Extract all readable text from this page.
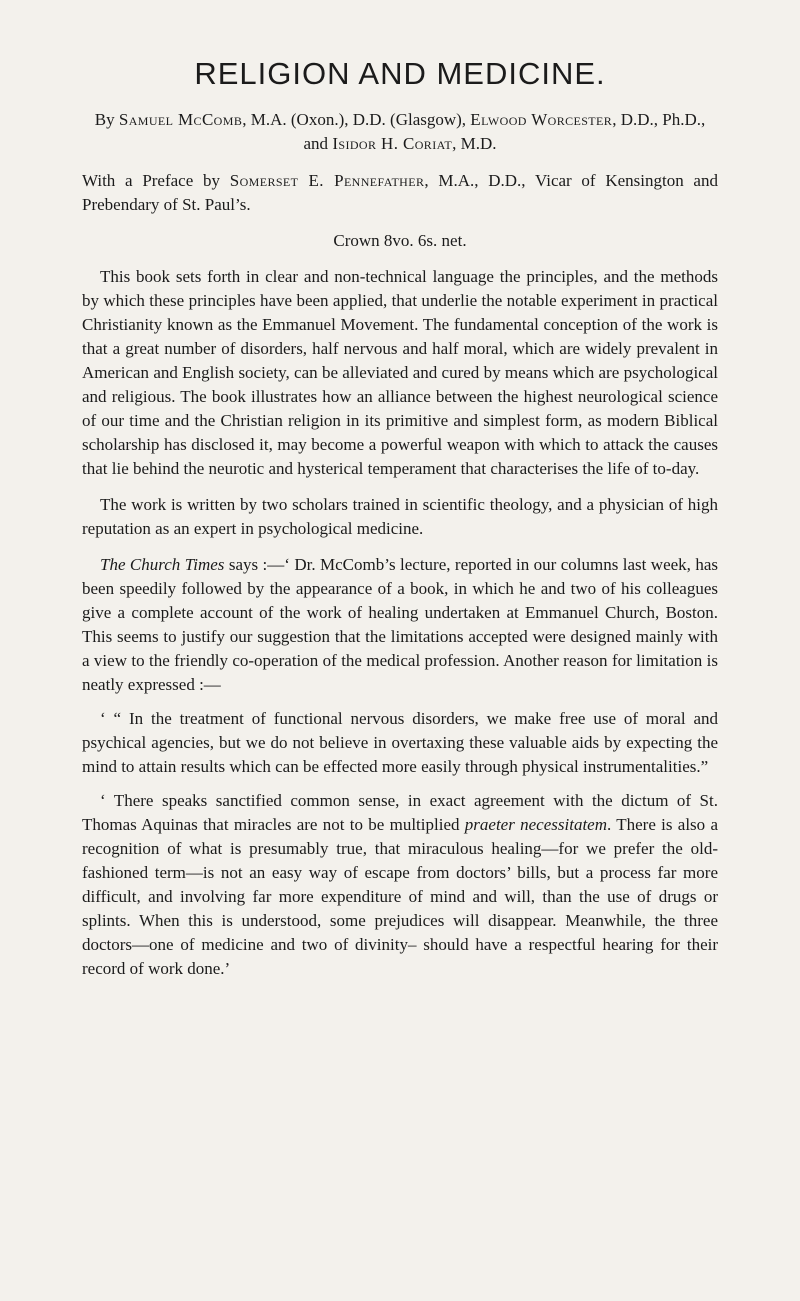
RELIGION AND MEDICINE.

By Samuel McComb, M.A. (Oxon.), D.D. (Glasgow), Elwood Worcester, D.D., Ph.D., and Isidor H. Coriat, M.D.

With a Preface by Somerset E. Pennefather, M.A., D.D., Vicar of Kensington and Prebendary of St. Paul’s.

Crown 8vo. 6s. net.

This book sets forth in clear and non-technical language the principles, and the methods by which these principles have been applied, that underlie the notable experiment in practical Christianity known as the Emmanuel Movement. The fundamental conception of the work is that a great number of disorders, half nervous and half moral, which are widely prevalent in American and English society, can be alleviated and cured by means which are psychological and religious. The book illustrates how an alliance between the highest neurological science of our time and the Christian religion in its primitive and simplest form, as modern Biblical scholarship has disclosed it, may become a powerful weapon with which to attack the causes that lie behind the neurotic and hysterical temperament that characterises the life of to-day.

The work is written by two scholars trained in scientific theology, and a physician of high reputation as an expert in psychological medicine.

The Church Times says :—‘ Dr. McComb’s lecture, reported in our columns last week, has been speedily followed by the appearance of a book, in which he and two of his colleagues give a complete account of the work of healing undertaken at Emmanuel Church, Boston. This seems to justify our suggestion that the limitations accepted were designed mainly with a view to the friendly co-operation of the medical profession. Another reason for limitation is neatly expressed :—

‘ “ In the treatment of functional nervous disorders, we make free use of moral and psychical agencies, but we do not believe in overtaxing these valuable aids by expecting the mind to attain results which can be effected more easily through physical instrumentalities.”

‘ There speaks sanctified common sense, in exact agreement with the dictum of St. Thomas Aquinas that miracles are not to be multiplied praeter necessitatem. There is also a recognition of what is presumably true, that miraculous healing—for we prefer the old-fashioned term—is not an easy way of escape from doctors’ bills, but a process far more difficult, and involving far more expenditure of mind and will, than the use of drugs or splints. When this is understood, some prejudices will disappear. Meanwhile, the three doctors—one of medicine and two of divinity– should have a respectful hearing for their record of work done.’
